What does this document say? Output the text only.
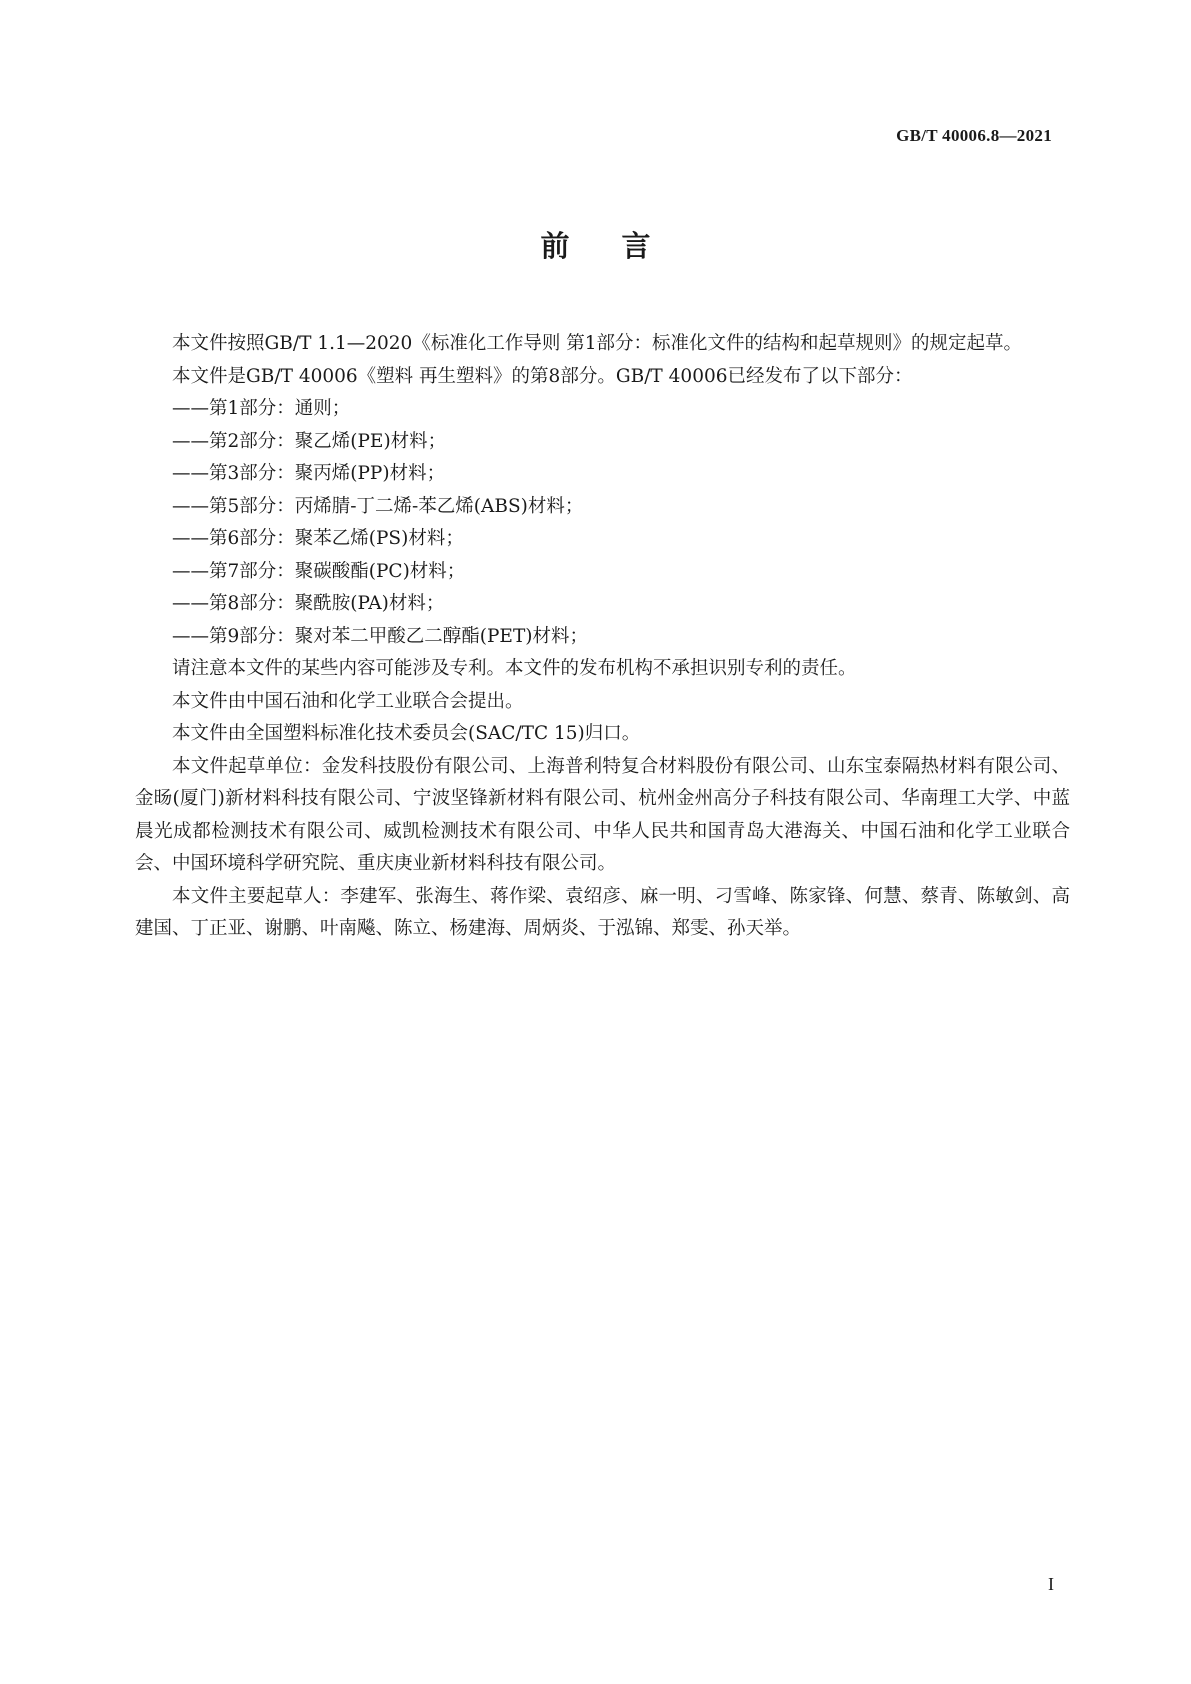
GB/T 40006.8—2021
前言

本文件按照GB/T 1.1—2020《标准化工作导则 第1部分：标准化文件的结构和起草规则》的规定起草。

本文件是GB/T 40006《塑料 再生塑料》的第8部分。GB/T 40006已经发布了以下部分：

——第1部分：通则；

——第2部分：聚乙烯(PE)材料；

——第3部分：聚丙烯(PP)材料；

——第5部分：丙烯腈-丁二烯-苯乙烯(ABS)材料；

——第6部分：聚苯乙烯(PS)材料；

——第7部分：聚碳酸酯(PC)材料；

——第8部分：聚酰胺(PA)材料；

——第9部分：聚对苯二甲酸乙二醇酯(PET)材料；

请注意本文件的某些内容可能涉及专利。本文件的发布机构不承担识别专利的责任。

本文件由中国石油和化学工业联合会提出。

本文件由全国塑料标准化技术委员会(SAC/TC 15)归口。

本文件起草单位：金发科技股份有限公司、上海普利特复合材料股份有限公司、山东宝泰隔热材料有限公司、金旸(厦门)新材料科技有限公司、宁波坚锋新材料有限公司、杭州金州高分子科技有限公司、华南理工大学、中蓝晨光成都检测技术有限公司、威凯检测技术有限公司、中华人民共和国青岛大港海关、中国石油和化学工业联合会、中国环境科学研究院、重庆庚业新材料科技有限公司。

本文件主要起草人：李建军、张海生、蒋作梁、袁绍彦、麻一明、刁雪峰、陈家锋、何慧、蔡青、陈敏剑、高建国、丁正亚、谢鹏、叶南飚、陈立、杨建海、周炳炎、于泓锦、郑雯、孙天举。

I
